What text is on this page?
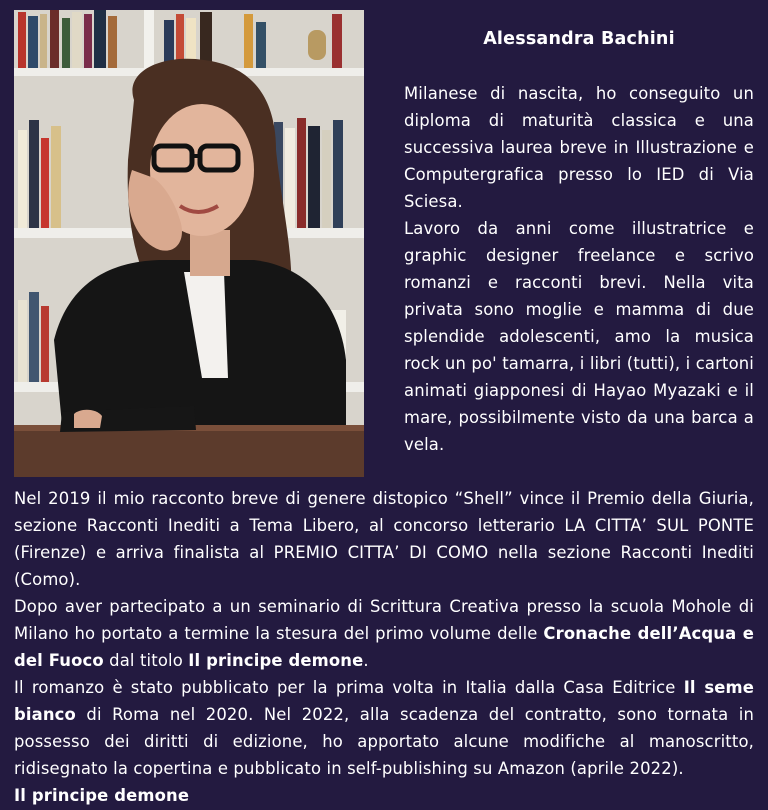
Alessandra Bachini

Milanese di nascita, ho conseguito un diploma di maturità classica e una successiva laurea breve in Illustrazione e Computergrafica presso lo IED di Via Sciesa.

Lavoro da anni come illustratrice e graphic designer freelance e scrivo romanzi e racconti brevi. Nella vita privata sono moglie e mamma di due splendide adolescenti, amo la musica rock un po' tamarra, i libri (tutti), i cartoni animati giapponesi di Hayao Myazaki e il mare, possibilmente visto da una barca a vela.

Nel 2019 il mio racconto breve di genere distopico “Shell” vince il Premio della Giuria, sezione Racconti Inediti a Tema Libero, al concorso letterario LA CITTA’ SUL PONTE (Firenze) e arriva finalista al PREMIO CITTA’ DI COMO nella sezione Racconti Inediti (Como).

Dopo aver partecipato a un seminario di Scrittura Creativa presso la scuola Mohole di Milano ho portato a termine la stesura del primo volume delle Cronache dell’Acqua e del Fuoco dal titolo Il principe demone.

Il romanzo è stato pubblicato per la prima volta in Italia dalla Casa Editrice Il seme bianco di Roma nel 2020. Nel 2022, alla scadenza del contratto, sono tornata in possesso dei diritti di edizione, ho apportato alcune modifiche al manoscritto, ridisegnato la copertina e pubblicato in self-publishing su Amazon (aprile 2022).

Il principe demone
